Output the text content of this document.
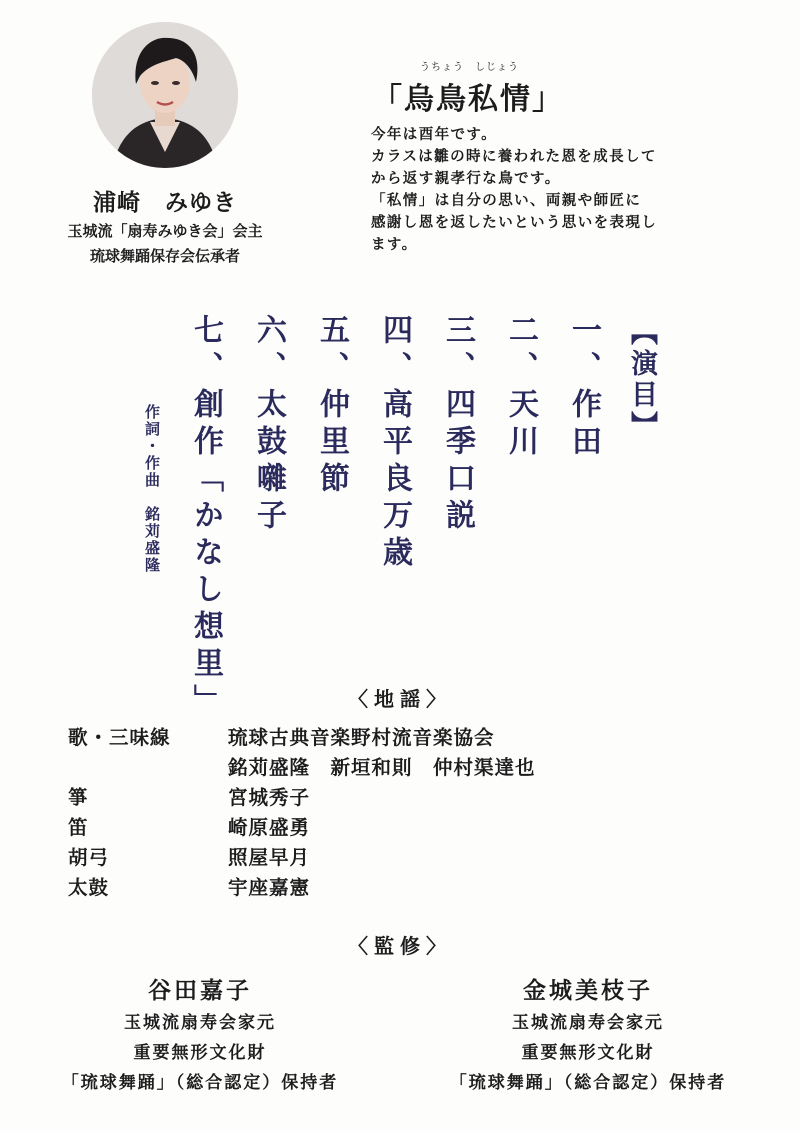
浦崎　みゆき
玉城流「扇寿みゆき会」会主
琉球舞踊保存会伝承者
うちょう　しじょう
「烏鳥私情」
今年は酉年です。
カラスは雛の時に養われた恩を成長して
から返す親孝行な鳥です。
「私情」は自分の思い、両親や師匠に
感謝し恩を返したいという思いを表現し
ます。
【演目】
一、作田
二、天川
三、四季口説
四、高平良万歳
五、仲里節
六、太鼓囃子
七、創作「かなし想里」
作詞・作曲　銘苅盛隆
〈地謡〉
歌・三味線	琉球古典音楽野村流音楽協会
銘苅盛隆　新垣和則　仲村渠達也
箏	宮城秀子
笛	崎原盛勇
胡弓	照屋早月
太鼓	宇座嘉憲
〈監修〉
谷田嘉子
玉城流扇寿会家元
重要無形文化財
「琉球舞踊」（総合認定）保持者
金城美枝子
玉城流扇寿会家元
重要無形文化財
「琉球舞踊」（総合認定）保持者
